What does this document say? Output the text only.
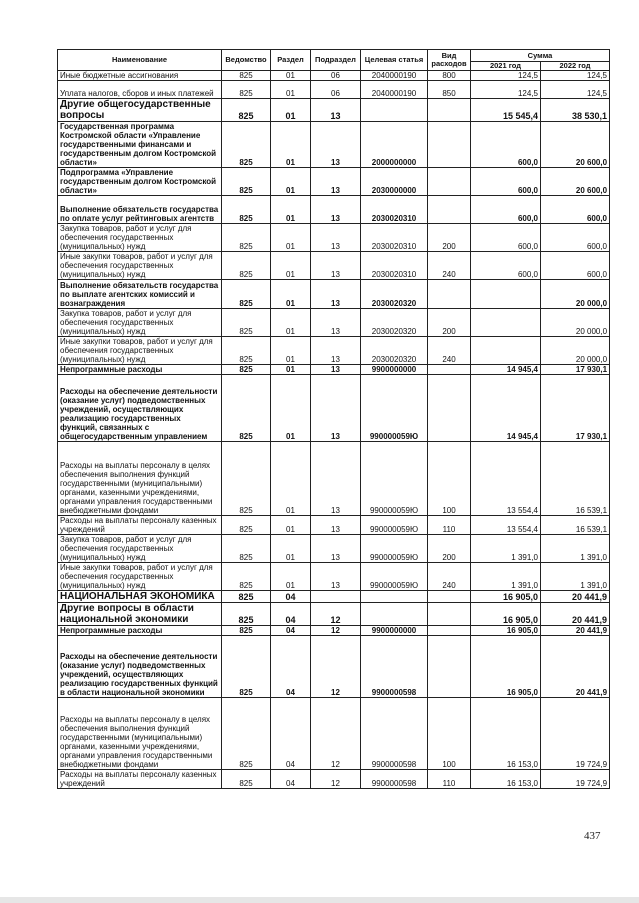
Наименование	Ведомство	Раздел	Подраздел	Целевая статья	Вид расходов	Сумма	
						2021 год	2022 год
Иные бюджетные ассигнования	825	01	06	2040000190	800	124,5	124,5
Уплата налогов, сборов и иных платежей	825	01	06	2040000190	850	124,5	124,5
Другие общегосударственные вопросы	825	01	13			15 545,4	38 530,1
Государственная программа Костромской области «Управление государственными финансами и государственным долгом Костромской области»	825	01	13	2000000000		600,0	20 600,0
Подпрограмма «Управление государственным долгом Костромской области»	825	01	13	2030000000		600,0	20 600,0
Выполнение обязательств государства по оплате услуг рейтинговых агентств	825	01	13	2030020310		600,0	600,0
Закупка товаров, работ и услуг для обеспечения государственных (муниципальных) нужд	825	01	13	2030020310	200	600,0	600,0
Иные закупки товаров, работ и услуг для обеспечения государственных (муниципальных) нужд	825	01	13	2030020310	240	600,0	600,0
Выполнение обязательств государства по выплате агентских комиссий и вознаграждения	825	01	13	2030020320			20 000,0
Закупка товаров, работ и услуг для обеспечения государственных (муниципальных) нужд	825	01	13	2030020320	200		20 000,0
Иные закупки товаров, работ и услуг для обеспечения государственных (муниципальных) нужд	825	01	13	2030020320	240		20 000,0
Непрограммные расходы	825	01	13	9900000000		14 945,4	17 930,1
Расходы на обеспечение деятельности (оказание услуг) подведомственных учреждений, осуществляющих реализацию государственных функций, связанных с общегосударственным управлением	825	01	13	990000059Ю		14 945,4	17 930,1
Расходы на выплаты персоналу в целях обеспечения выполнения функций государственными (муниципальными) органами, казенными учреждениями, органами управления государственными внебюджетными фондами	825	01	13	990000059Ю	100	13 554,4	16 539,1
Расходы на выплаты персоналу казенных учреждений	825	01	13	990000059Ю	110	13 554,4	16 539,1
Закупка товаров, работ и услуг для обеспечения государственных (муниципальных) нужд	825	01	13	990000059Ю	200	1 391,0	1 391,0
Иные закупки товаров, работ и услуг для обеспечения государственных (муниципальных) нужд	825	01	13	990000059Ю	240	1 391,0	1 391,0
НАЦИОНАЛЬНАЯ ЭКОНОМИКА	825	04				16 905,0	20 441,9
Другие вопросы в области национальной экономики	825	04	12			16 905,0	20 441,9
Непрограммные расходы	825	04	12	9900000000		16 905,0	20 441,9
Расходы на обеспечение деятельности (оказание услуг) подведомственных учреждений, осуществляющих реализацию государственных функций в области национальной экономики	825	04	12	9900000598		16 905,0	20 441,9
Расходы на выплаты персоналу в целях обеспечения выполнения функций государственными (муниципальными) органами, казенными учреждениями, органами управления государственными внебюджетными фондами	825	04	12	9900000598	100	16 153,0	19 724,9
Расходы на выплаты персоналу казенных учреждений	825	04	12	9900000598	110	16 153,0	19 724,9
437
